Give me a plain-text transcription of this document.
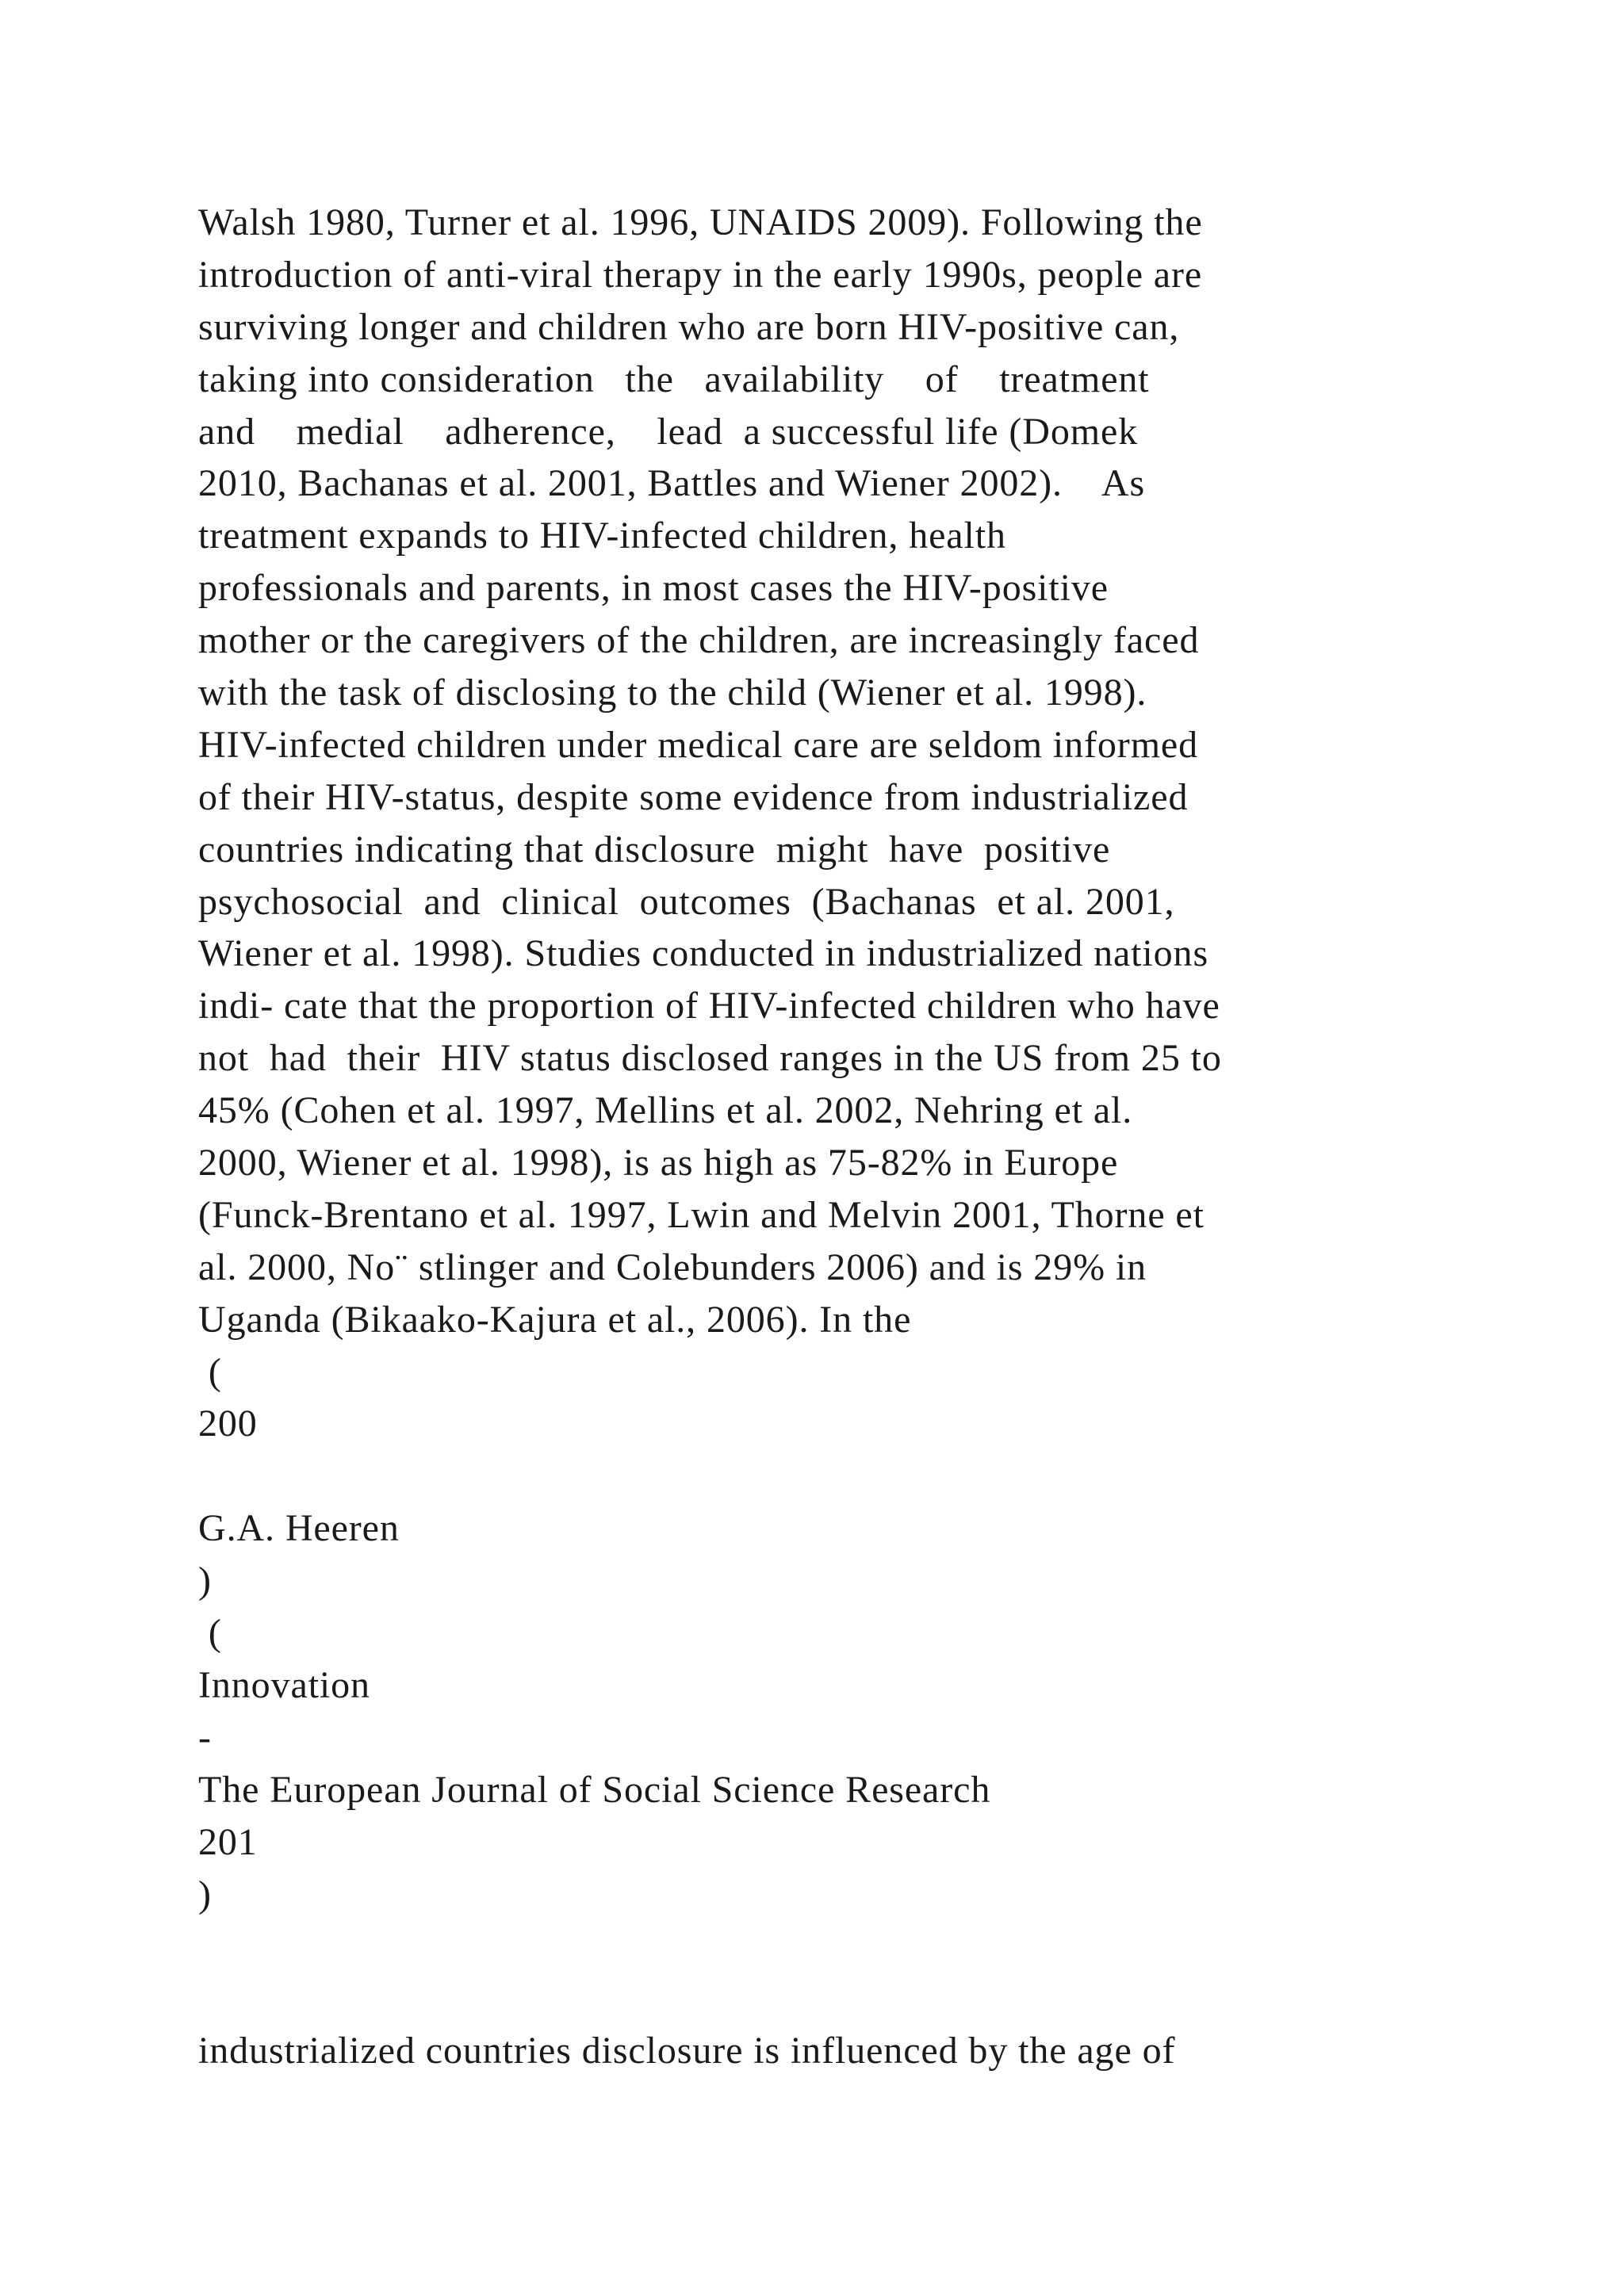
Walsh 1980, Turner et al. 1996, UNAIDS 2009). Following the
introduction of anti-viral therapy in the early 1990s, people are
surviving longer and children who are born HIV-positive can,
taking into consideration   the   availability    of    treatment
and    medial    adherence,    lead  a successful life (Domek
2010, Bachanas et al. 2001, Battles and Wiener 2002).    As
treatment expands to HIV-infected children, health
professionals and parents, in most cases the HIV-positive
mother or the caregivers of the children, are increasingly faced
with the task of disclosing to the child (Wiener et al. 1998).
HIV-infected children under medical care are seldom informed
of their HIV-status, despite some evidence from industrialized
countries indicating that disclosure  might  have  positive
psychosocial  and  clinical  outcomes  (Bachanas  et al. 2001,
Wiener et al. 1998). Studies conducted in industrialized nations
indi- cate that the proportion of HIV-infected children who have
not  had  their  HIV status disclosed ranges in the US from 25 to
45% (Cohen et al. 1997, Mellins et al. 2002, Nehring et al.
2000, Wiener et al. 1998), is as high as 75-82% in Europe
(Funck-Brentano et al. 1997, Lwin and Melvin 2001, Thorne et
al. 2000, No¨ stlinger and Colebunders 2006) and is 29% in
Uganda (Bikaako-Kajura et al., 2006). In the
(
200
G.A. Heeren
)
(
Innovation
-
The European Journal of Social Science Research
201
)
industrialized countries disclosure is influenced by the age of
